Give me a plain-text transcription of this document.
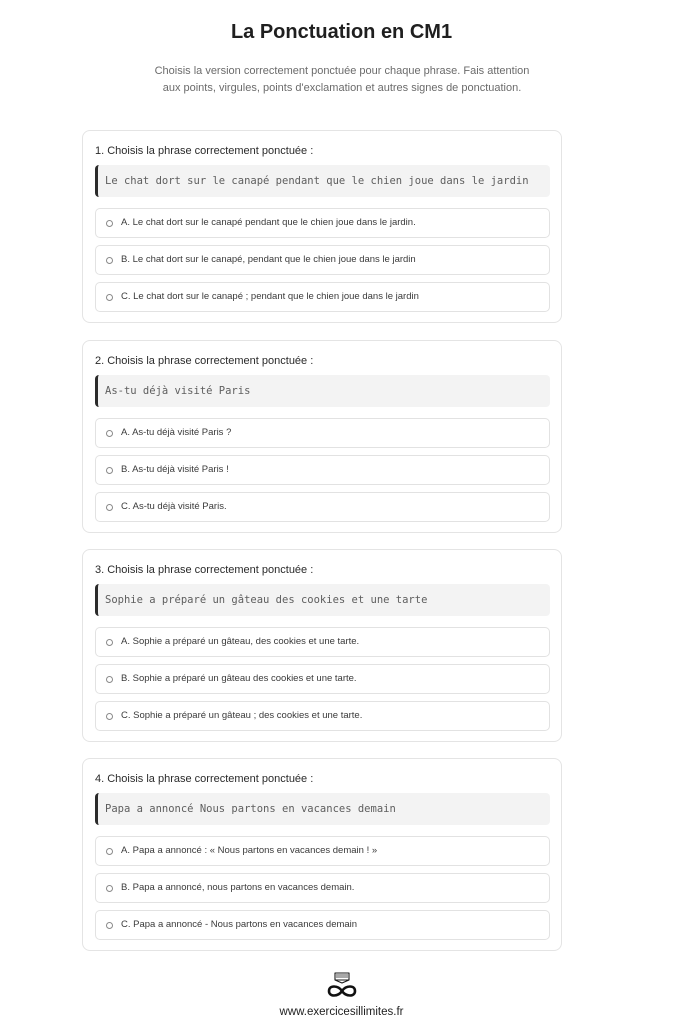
La Ponctuation en CM1

Choisis la version correctement ponctuée pour chaque phrase. Fais attention aux points, virgules, points d'exclamation et autres signes de ponctuation.

1. Choisis la phrase correctement ponctuée :

Le chat dort sur le canapé pendant que le chien joue dans le jardin
A. Le chat dort sur le canapé pendant que le chien joue dans le jardin.
B. Le chat dort sur le canapé, pendant que le chien joue dans le jardin
C. Le chat dort sur le canapé ; pendant que le chien joue dans le jardin

2. Choisis la phrase correctement ponctuée :

As-tu déjà visité Paris
A. As-tu déjà visité Paris ?
B. As-tu déjà visité Paris !
C. As-tu déjà visité Paris.

3. Choisis la phrase correctement ponctuée :

Sophie a préparé un gâteau des cookies et une tarte
A. Sophie a préparé un gâteau, des cookies et une tarte.
B. Sophie a préparé un gâteau des cookies et une tarte.
C. Sophie a préparé un gâteau ; des cookies et une tarte.

4. Choisis la phrase correctement ponctuée :

Papa a annoncé Nous partons en vacances demain
A. Papa a annoncé : « Nous partons en vacances demain ! »
B. Papa a annoncé, nous partons en vacances demain.
C. Papa a annoncé - Nous partons en vacances demain
www.exercicesillimites.fr
